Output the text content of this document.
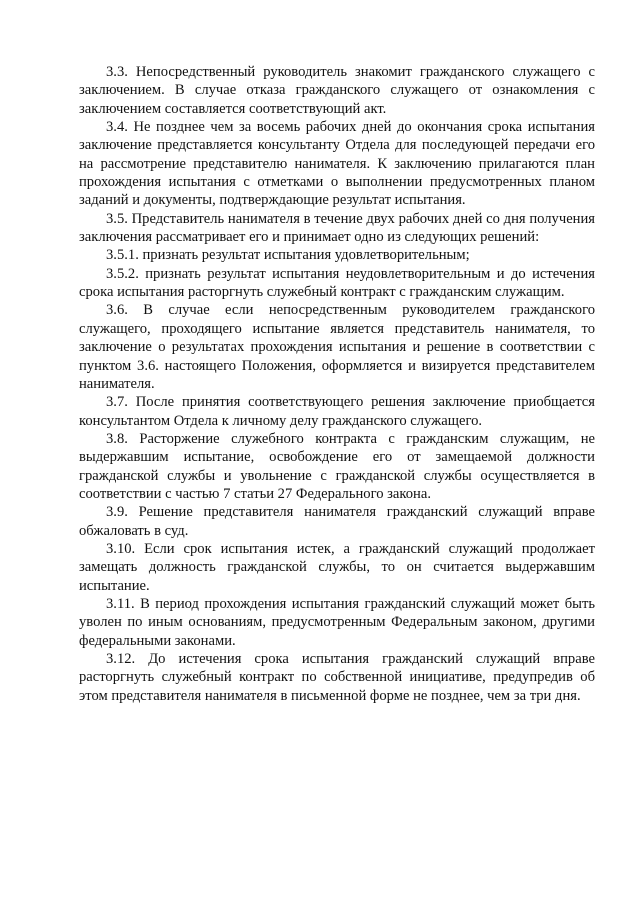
3.3. Непосредственный руководитель знакомит гражданского служащего с заключением. В случае отказа гражданского служащего от ознакомления с заключением составляется соответствующий акт.

3.4. Не позднее чем за восемь рабочих дней до окончания срока испытания заключение представляется консультанту Отдела для последующей передачи его на рассмотрение представителю нанимателя. К заключению прилагаются план прохождения испытания с отметками о выполнении предусмотренных планом заданий и документы, подтверждающие результат испытания.

3.5. Представитель нанимателя в течение двух рабочих дней со дня получения заключения рассматривает его и принимает одно из следующих решений:

3.5.1. признать результат испытания удовлетворительным;

3.5.2. признать результат испытания неудовлетворительным и до истечения срока испытания расторгнуть служебный контракт с гражданским служащим.

3.6. В случае если непосредственным руководителем гражданского служащего, проходящего испытание является представитель нанимателя, то заключение о результатах прохождения испытания и решение в соответствии с пунктом 3.6. настоящего Положения, оформляется и визируется представителем нанимателя.

3.7. После принятия соответствующего решения заключение приобщается консультантом Отдела к личному делу гражданского служащего.

3.8. Расторжение служебного контракта с гражданским служащим, не выдержавшим испытание, освобождение его от замещаемой должности гражданской службы и увольнение с гражданской службы осуществляется в соответствии с частью 7 статьи 27 Федерального закона.

3.9. Решение представителя нанимателя гражданский служащий вправе обжаловать в суд.

3.10. Если срок испытания истек, а гражданский служащий продолжает замещать должность гражданской службы, то он считается выдержавшим испытание.

3.11. В период прохождения испытания гражданский служащий может быть уволен по иным основаниям, предусмотренным Федеральным законом, другими федеральными законами.

3.12. До истечения срока испытания гражданский служащий вправе расторгнуть служебный контракт по собственной инициативе, предупредив об этом представителя нанимателя в письменной форме не позднее, чем за три дня.
